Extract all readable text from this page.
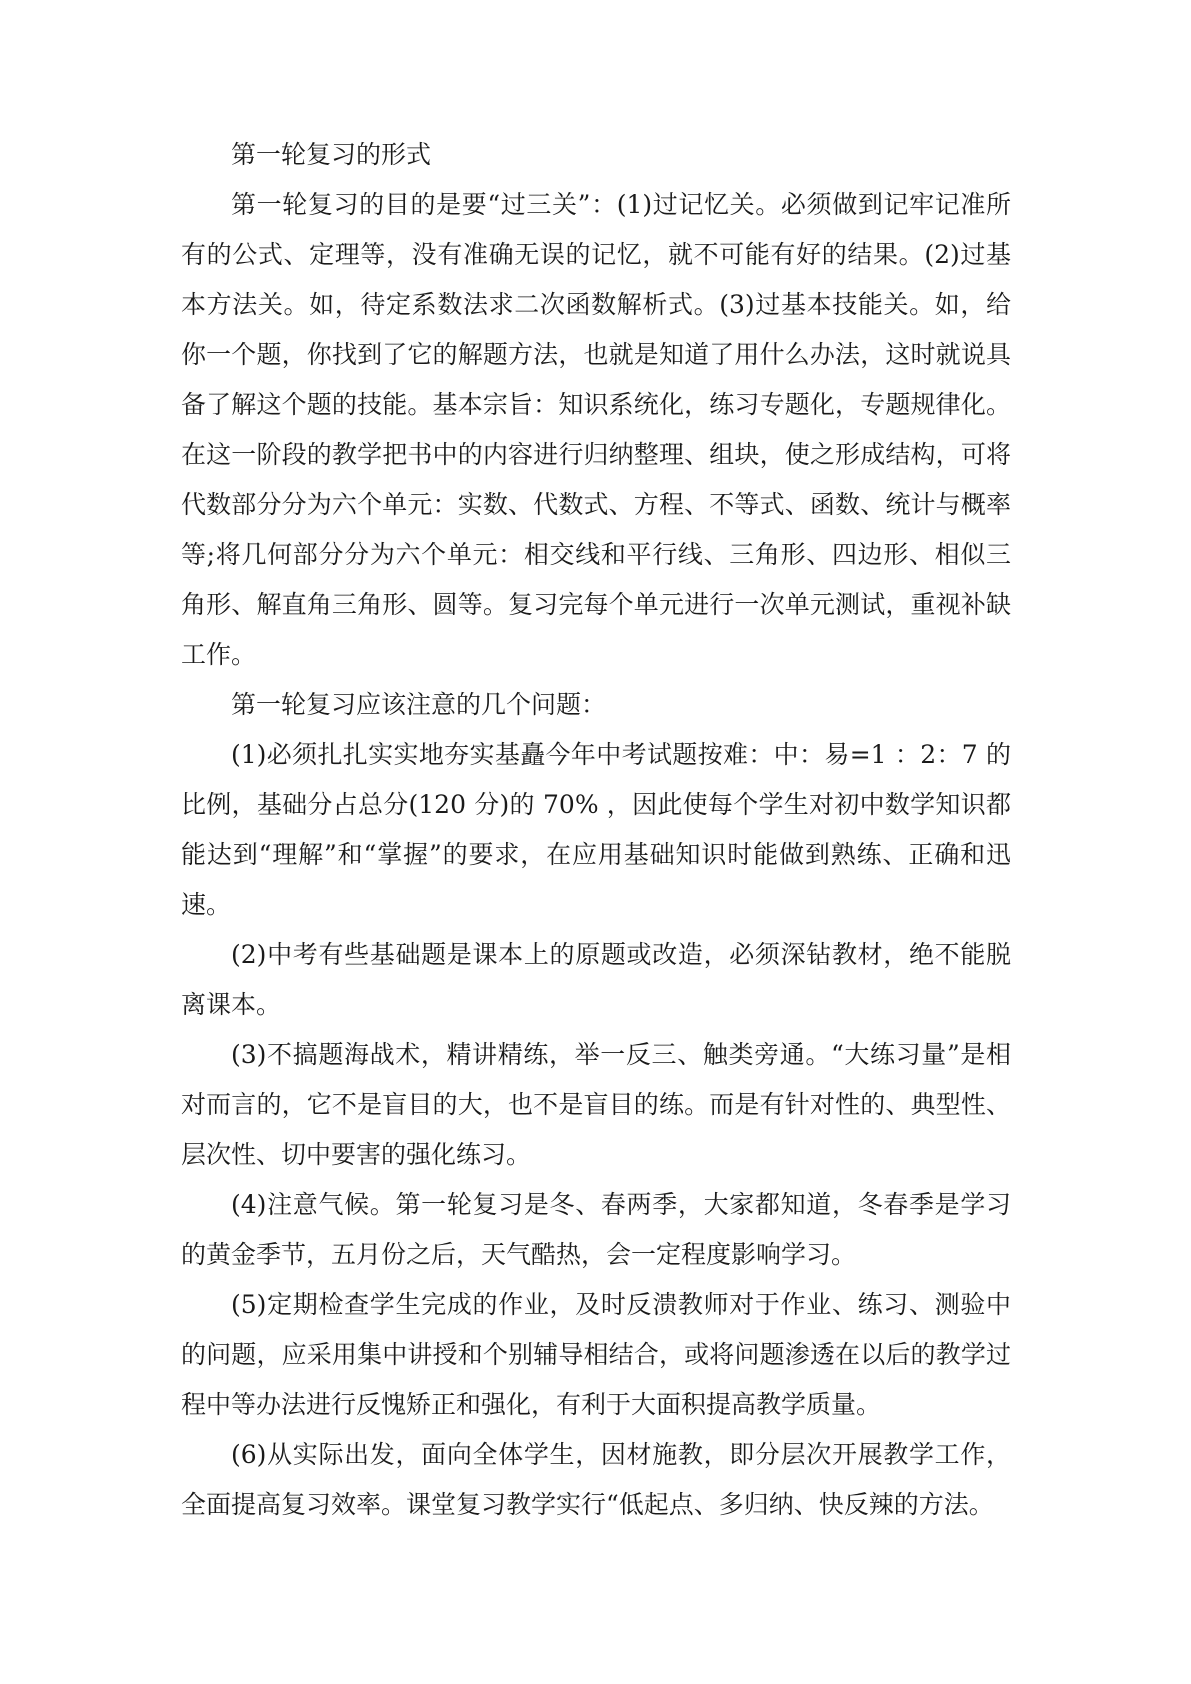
第一轮复习的形式

第一轮复习的目的是要“过三关”：(1)过记忆关。必须做到记牢记准所有的公式、定理等，没有准确无误的记忆，就不可能有好的结果。(2)过基本方法关。如，待定系数法求二次函数解析式。(3)过基本技能关。如，给你一个题，你找到了它的解题方法，也就是知道了用什么办法，这时就说具备了解这个题的技能。基本宗旨：知识系统化，练习专题化，专题规律化。在这一阶段的教学把书中的内容进行归纳整理、组块，使之形成结构，可将代数部分分为六个单元：实数、代数式、方程、不等式、函数、统计与概率等;将几何部分分为六个单元：相交线和平行线、三角形、四边形、相似三角形、解直角三角形、圆等。复习完每个单元进行一次单元测试，重视补缺工作。

第一轮复习应该注意的几个问题：

(1)必须扎扎实实地夯实基矗今年中考试题按难：中：易=1 ：2：7 的比例，基础分占总分(120 分)的 70% ，因此使每个学生对初中数学知识都能达到“理解”和“掌握”的要求，在应用基础知识时能做到熟练、正确和迅速。

(2)中考有些基础题是课本上的原题或改造，必须深钻教材，绝不能脱离课本。

(3)不搞题海战术，精讲精练，举一反三、触类旁通。“大练习量”是相对而言的，它不是盲目的大，也不是盲目的练。而是有针对性的、典型性、层次性、切中要害的强化练习。

(4)注意气候。第一轮复习是冬、春两季，大家都知道，冬春季是学习的黄金季节，五月份之后，天气酷热，会一定程度影响学习。

(5)定期检查学生完成的作业，及时反溃教师对于作业、练习、测验中的问题，应采用集中讲授和个别辅导相结合，或将问题渗透在以后的教学过程中等办法进行反愧矫正和强化，有利于大面积提高教学质量。

(6)从实际出发，面向全体学生，因材施教，即分层次开展教学工作，全面提高复习效率。课堂复习教学实行“低起点、多归纳、快反辣的方法。
